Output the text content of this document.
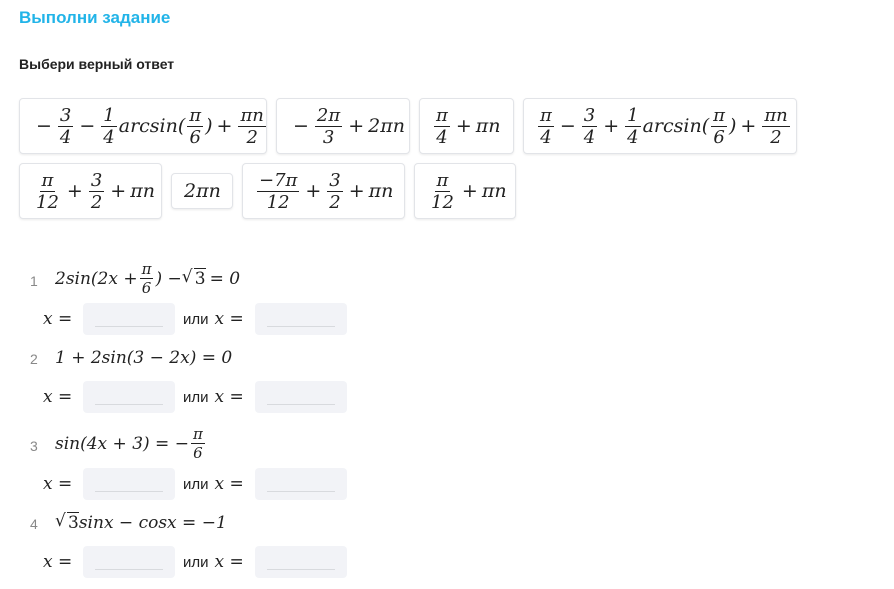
Выполни задание
Выбери верный ответ
− $\frac{3}{4} - \frac{1}{4} \arcsin( \frac{\pi}{6}$ ) + $\frac{\pi n}{2} - \frac{2\pi}{3} + 2\pi n \frac{\pi}{4} + \pi n \frac{\pi}{4} - \frac{3}{4} + \frac{1}{4} \arcsin( \frac{\pi}{6}$ ) + $\frac{\pi n}{2}$
$\frac{\pi}{12} + \frac{3}{2} + \pi n$ $2\pi n \frac{-7\pi}{12} + \frac{3}{2} + \pi n \frac{\pi}{12} + \pi n$
1 $2\sin(2x + \frac{\pi}{6}$ ) − √ 3 = 0
x =	или x =
2 1 + 2sin(3 − 2x) = 0
x =	или x =
3 sin(4x + 3) = − $\frac{\pi}{6}$
x =	или x =
4	√ 3 sinx − cosx = −1
x =	или x =
